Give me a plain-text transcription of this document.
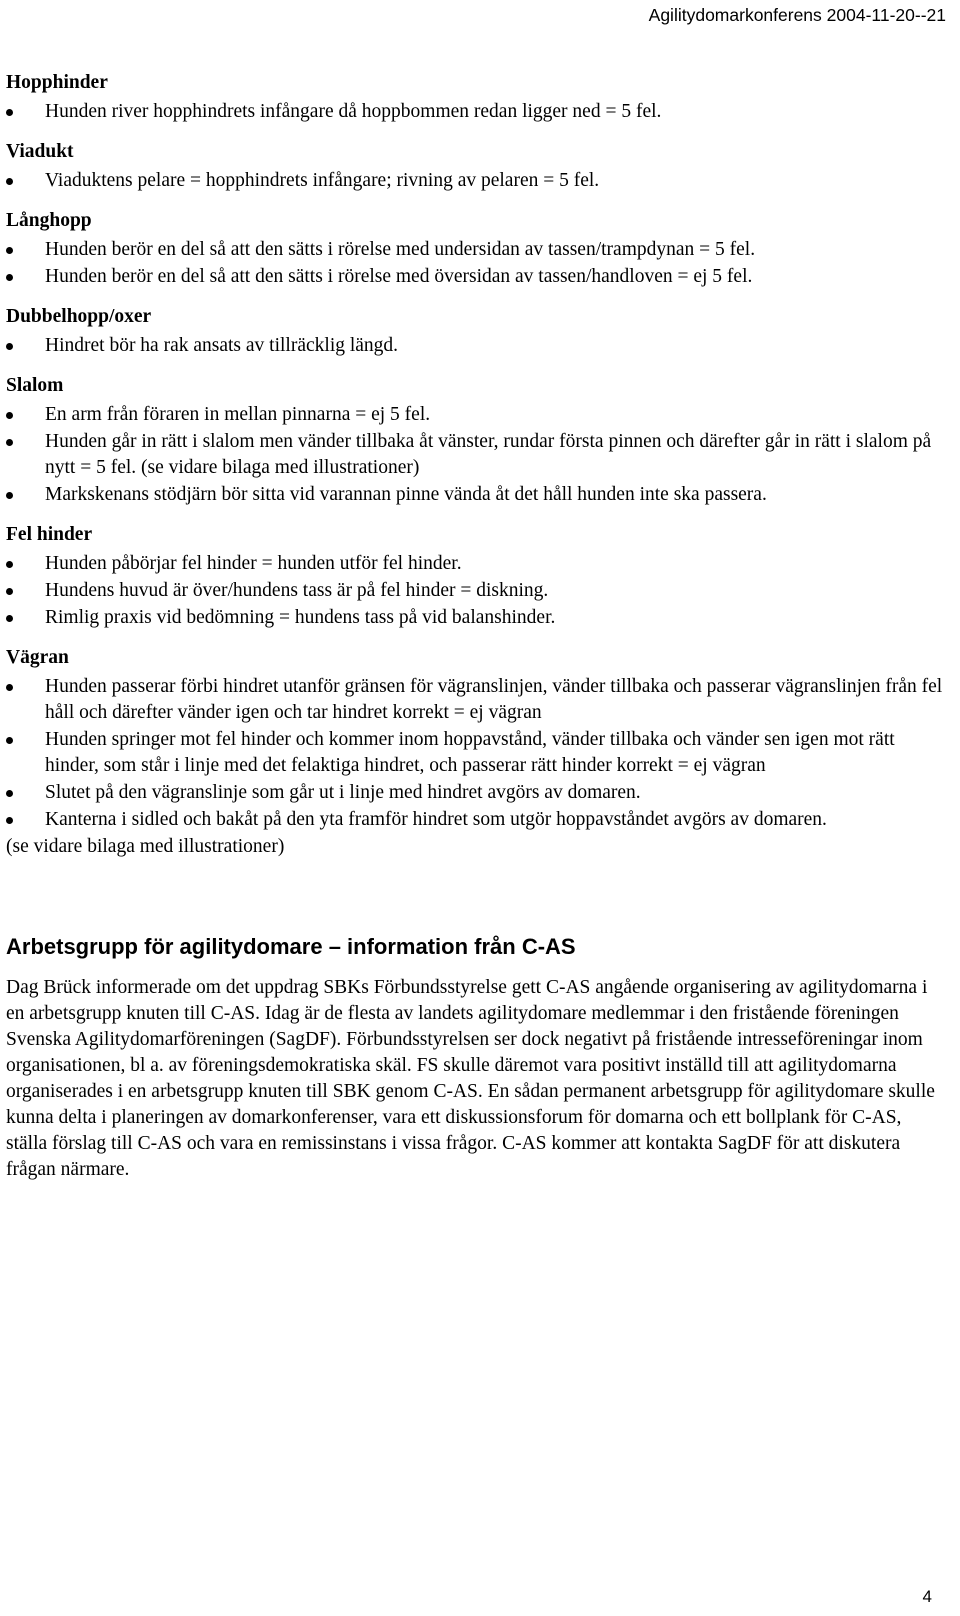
Agilitydomarkonferens 2004-11-20--21
Hopphinder
Hunden river hopphindrets infångare då hoppbommen redan ligger ned = 5 fel.
Viadukt
Viaduktens pelare = hopphindrets infångare; rivning av pelaren = 5 fel.
Långhopp
Hunden berör en del så att den sätts i rörelse med undersidan av tassen/trampdynan = 5 fel.
Hunden berör en del så att den sätts i rörelse med översidan av tassen/handloven = ej 5 fel.
Dubbelhopp/oxer
Hindret bör ha rak ansats av tillräcklig längd.
Slalom
En arm från föraren in mellan pinnarna = ej 5 fel.
Hunden går in rätt i slalom men vänder tillbaka åt vänster, rundar första pinnen och därefter går in rätt i slalom på nytt = 5 fel. (se vidare bilaga med illustrationer)
Markskenans stödjärn bör sitta vid varannan pinne vända åt det håll hunden inte ska passera.
Fel hinder
Hunden påbörjar fel hinder = hunden utför fel hinder.
Hundens huvud är över/hundens tass är på fel hinder = diskning.
Rimlig praxis vid bedömning = hundens tass på vid balanshinder.
Vägran
Hunden passerar förbi hindret utanför gränsen för vägranslinjen, vänder tillbaka och passerar vägranslinjen från fel håll och därefter vänder igen och tar hindret korrekt = ej vägran
Hunden springer mot fel hinder och kommer inom hoppavstånd, vänder tillbaka och vänder sen igen mot rätt hinder, som står i linje med det felaktiga hindret, och passerar rätt hinder korrekt = ej vägran
Slutet på den vägranslinje som går ut i linje med hindret avgörs av domaren.
Kanterna i sidled och bakåt på den yta framför hindret som utgör hoppavståndet avgörs av domaren.
(se vidare bilaga med illustrationer)
Arbetsgrupp för agilitydomare – information från C-AS
Dag Brück informerade om det uppdrag SBKs Förbundsstyrelse gett C-AS angående organisering av agilitydomarna i en arbetsgrupp knuten till C-AS. Idag är de flesta av landets agilitydomare medlemmar i den fristående föreningen Svenska Agilitydomarföreningen (SagDF). Förbundsstyrelsen ser dock negativt på fristående intresseföreningar inom organisationen, bl a. av föreningsdemokratiska skäl. FS skulle däremot vara positivt inställd till att agilitydomarna organiserades i en arbetsgrupp knuten till SBK genom C-AS. En sådan permanent arbetsgrupp för agilitydomare skulle kunna delta i planeringen av domarkonferenser, vara ett diskussionsforum för domarna och ett bollplank för C-AS, ställa förslag till C-AS och vara en remissinstans i vissa frågor. C-AS kommer att kontakta SagDF för att diskutera frågan närmare.
4
